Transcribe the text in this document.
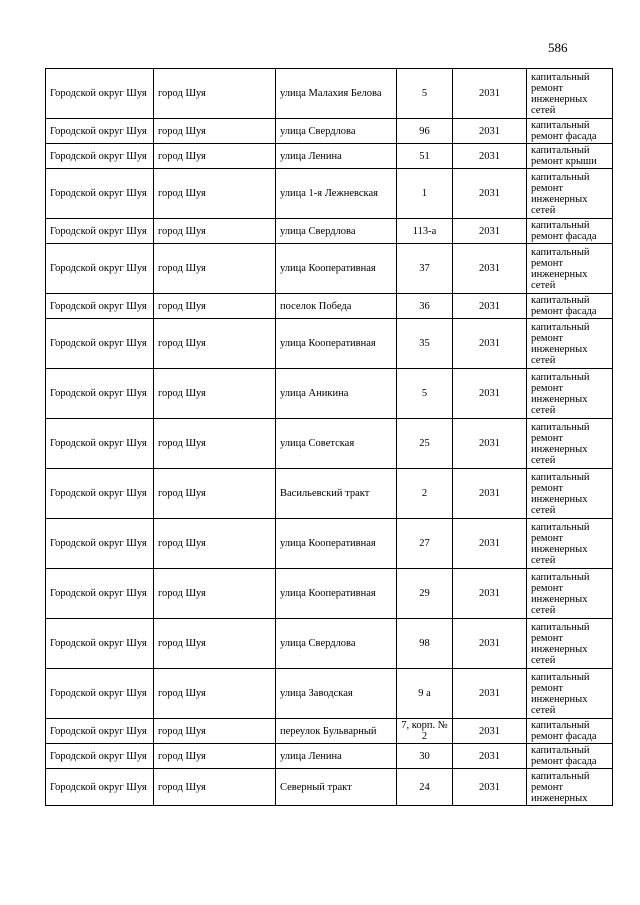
586
Городской округ Шуя	город Шуя	улица Малахия Белова	5	2031	капитальный ремонт инженерных сетей
Городской округ Шуя	город Шуя	улица Свердлова	96	2031	капитальный ремонт фасада
Городской округ Шуя	город Шуя	улица Ленина	51	2031	капитальный ремонт крыши
Городской округ Шуя	город Шуя	улица 1-я Лежневская	1	2031	капитальный ремонт инженерных сетей
Городской округ Шуя	город Шуя	улица Свердлова	113-а	2031	капитальный ремонт фасада
Городской округ Шуя	город Шуя	улица Кооперативная	37	2031	капитальный ремонт инженерных сетей
Городской округ Шуя	город Шуя	поселок Победа	36	2031	капитальный ремонт фасада
Городской округ Шуя	город Шуя	улица Кооперативная	35	2031	капитальный ремонт инженерных сетей
Городской округ Шуя	город Шуя	улица Аникина	5	2031	капитальный ремонт инженерных сетей
Городской округ Шуя	город Шуя	улица Советская	25	2031	капитальный ремонт инженерных сетей
Городской округ Шуя	город Шуя	Васильевский тракт	2	2031	капитальный ремонт инженерных сетей
Городской округ Шуя	город Шуя	улица Кооперативная	27	2031	капитальный ремонт инженерных сетей
Городской округ Шуя	город Шуя	улица Кооперативная	29	2031	капитальный ремонт инженерных сетей
Городской округ Шуя	город Шуя	улица Свердлова	98	2031	капитальный ремонт инженерных сетей
Городской округ Шуя	город Шуя	улица Заводская	9 а	2031	капитальный ремонт инженерных сетей
Городской округ Шуя	город Шуя	переулок Бульварный	7, корп. № 2	2031	капитальный ремонт фасада
Городской округ Шуя	город Шуя	улица Ленина	30	2031	капитальный ремонт фасада
Городской округ Шуя	город Шуя	Северный тракт	24	2031	капитальный ремонт инженерных
